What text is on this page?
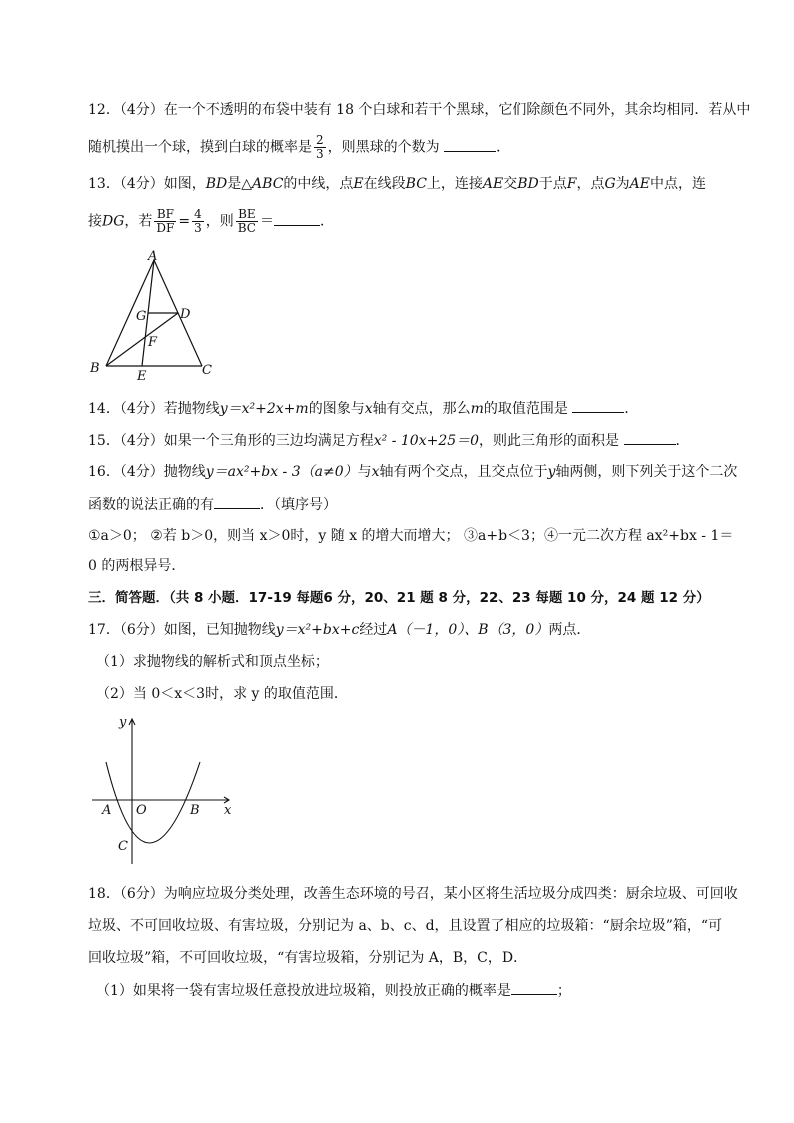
12．（4分）在一个不透明的布袋中装有 18 个白球和若干个黑球，它们除颜色不同外，其余均相同．若从中
随机摸出一个球，摸到白球的概率是 $\frac{2}{3}$ ，则黑球的个数为	．
13．（4分）如图，BD是△ABC的中线，点E在线段BC上，连接AE交BD于点F，点G为AE中点，连
接DG，若 $\frac{BF}{DF} = \frac{4}{3}$ ，则 $\frac{BE}{BC}$ ＝	．
A
B	C
D
E
F
G
14．（4分）若抛物线y＝x²+2x+m的图象与x轴有交点，那么m的取值范围是	．
15．（4分）如果一个三角形的三边均满足方程x² - 10x+25＝0，则此三角形的面积是	．
16．（4分）抛物线y＝ax²+bx - 3（a≠0）与x轴有两个交点，且交点位于y轴两侧，则下列关于这个二次
函数的说法正确的有	．（填序号）
①a＞0； ②若 b＞0，则当 x＞0时，y 随 x 的增大而增大； ③a+b＜3；④一元二次方程 ax²+bx - 1＝
0 的两根异号．
三．简答题．（共 8 小题．17-19 每题6 分，20、21 题 8 分，22、23 每题 10 分，24 题 12 分）
17．（6分）如图，已知抛物线y＝x²+bx+c经过A（－1，0）、B（3，0）两点．
（1）求抛物线的解析式和顶点坐标；
（2）当 0＜x＜3时，求 y 的取值范围．
y
x
A O	B
C
18．（6分）为响应垃圾分类处理，改善生态环境的号召，某小区将生活垃圾分成四类：厨余垃圾、可回收
垃圾、不可回收垃圾、有害垃圾，分别记为 a、b、c、d，且设置了相应的垃圾箱：“厨余垃圾”箱，“可
回收垃圾”箱，不可回收垃圾，“有害垃圾箱，分别记为 A，B，C，D．
（1）如果将一袋有害垃圾任意投放进垃圾箱，则投放正确的概率是	；
